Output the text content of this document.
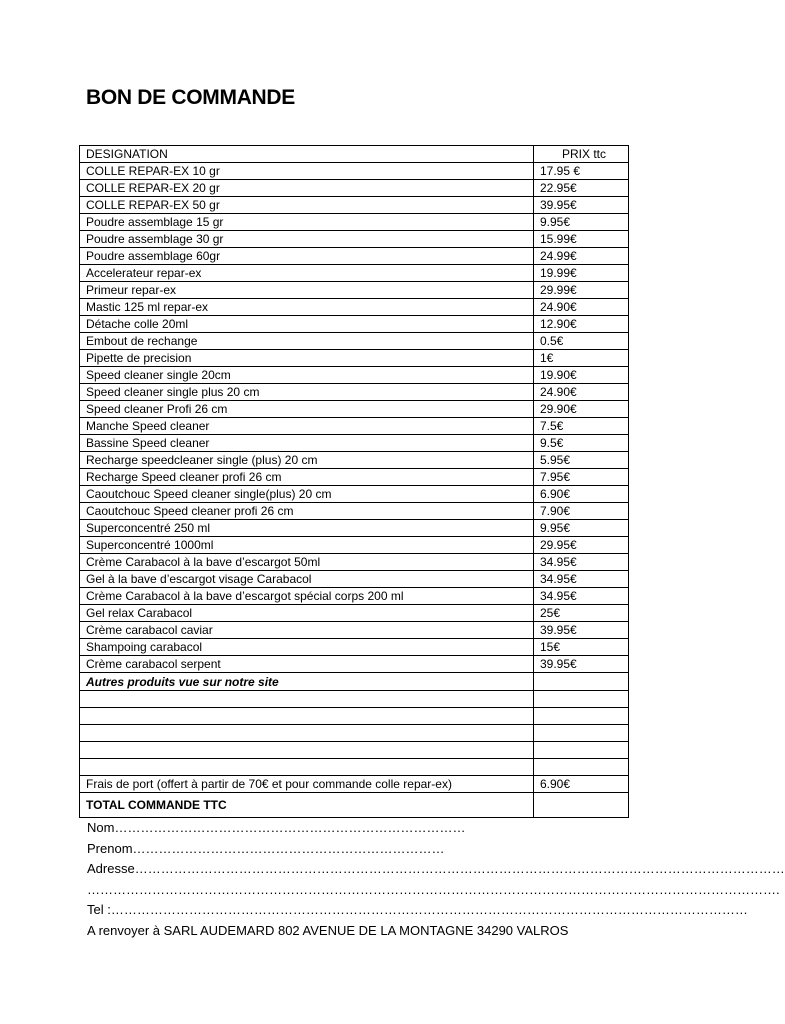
BON DE COMMANDE
DESIGNATION	PRIX ttc
COLLE REPAR-EX 10 gr	17.95 €
COLLE REPAR-EX 20 gr	22.95€
COLLE REPAR-EX 50 gr	39.95€
Poudre assemblage 15 gr	9.95€
Poudre assemblage 30 gr	15.99€
Poudre assemblage 60gr	24.99€
Accelerateur repar-ex	19.99€
Primeur repar-ex	29.99€
Mastic 125 ml repar-ex	24.90€
Détache colle 20ml	12.90€
Embout de rechange	0.5€
Pipette de precision	1€
Speed cleaner single 20cm	19.90€
Speed cleaner single plus 20 cm	24.90€
Speed cleaner Profi 26 cm	29.90€
Manche Speed cleaner	7.5€
Bassine Speed cleaner	9.5€
Recharge speedcleaner single (plus) 20 cm	5.95€
Recharge Speed cleaner profi 26 cm	7.95€
Caoutchouc Speed cleaner single(plus) 20 cm	6.90€
Caoutchouc Speed cleaner profi 26 cm	7.90€
Superconcentré 250 ml	9.95€
Superconcentré 1000ml	29.95€
Crème Carabacol à la bave d’escargot 50ml	34.95€
Gel à la bave d’escargot visage Carabacol	34.95€
Crème Carabacol à la bave d’escargot spécial corps 200 ml	34.95€
Gel relax Carabacol	25€
Crème carabacol caviar	39.95€
Shampoing carabacol	15€
Crème carabacol serpent	39.95€
Autres produits vue sur notre site	

Frais de port (offert à partir de 70€ et pour commande colle repar-ex)	6.90€
TOTAL COMMANDE TTC	
Nom………………………………………………………………………
Prenom………………………………………………………………
Adresse……………………………………………………………………………………………………………………………………
…………………………………………………………………………………………………………………………………………….
Tel :…………………………………………………………………………………………………………………………………
A renvoyer à SARL AUDEMARD 802 AVENUE DE LA MONTAGNE 34290 VALROS
